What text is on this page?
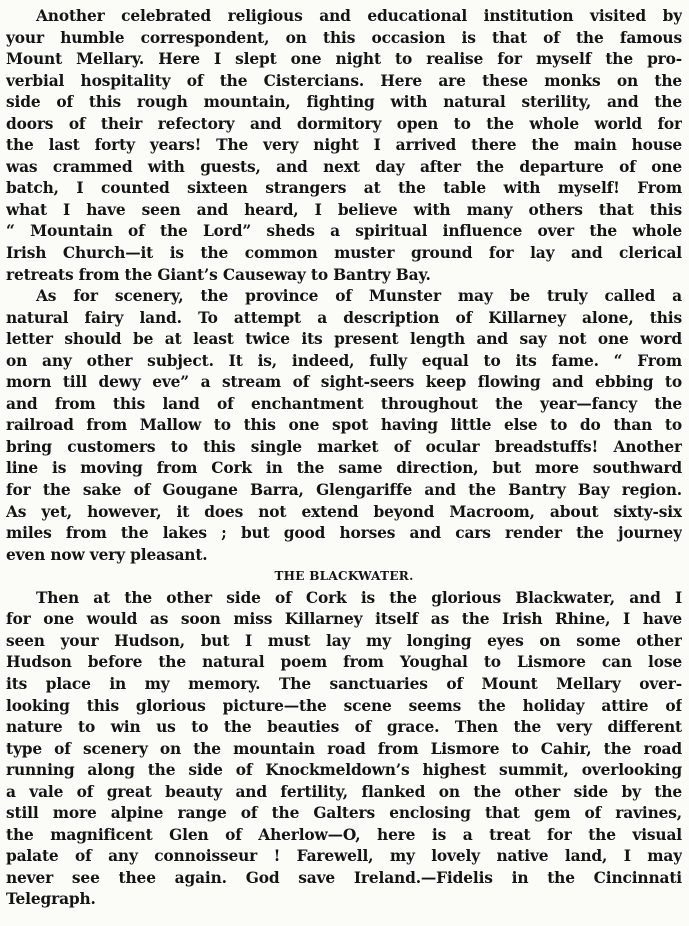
Another celebrated religious and educational institution visited by
your humble correspondent, on this occasion is that of the famous
Mount Mellary. Here I slept one night to realise for myself the pro-
verbial hospitality of the Cistercians. Here are these monks on the
side of this rough mountain, fighting with natural sterility, and the
doors of their refectory and dormitory open to the whole world for
the last forty years! The very night I arrived there the main house
was crammed with guests, and next day after the departure of one
batch, I counted sixteen strangers at the table with myself! From
what I have seen and heard, I believe with many others that this
“ Mountain of the Lord” sheds a spiritual influence over the whole
Irish Church—it is the common muster ground for lay and clerical
retreats from the Giant’s Causeway to Bantry Bay.
As for scenery, the province of Munster may be truly called a
natural fairy land. To attempt a description of Killarney alone, this
letter should be at least twice its present length and say not one word
on any other subject. It is, indeed, fully equal to its fame. “ From
morn till dewy eve” a stream of sight-seers keep flowing and ebbing to
and from this land of enchantment throughout the year—fancy the
railroad from Mallow to this one spot having little else to do than to
bring customers to this single market of ocular breadstuffs! Another
line is moving from Cork in the same direction, but more southward
for the sake of Gougane Barra, Glengariffe and the Bantry Bay region.
As yet, however, it does not extend beyond Macroom, about sixty-six
miles from the lakes ; but good horses and cars render the journey
even now very pleasant.
THE BLACKWATER.
Then at the other side of Cork is the glorious Blackwater, and I
for one would as soon miss Killarney itself as the Irish Rhine, I have
seen your Hudson, but I must lay my longing eyes on some other
Hudson before the natural poem from Youghal to Lismore can lose
its place in my memory. The sanctuaries of Mount Mellary over-
looking this glorious picture—the scene seems the holiday attire of
nature to win us to the beauties of grace. Then the very different
type of scenery on the mountain road from Lismore to Cahir, the road
running along the side of Knockmeldown’s highest summit, overlooking
a vale of great beauty and fertility, flanked on the other side by the
still more alpine range of the Galters enclosing that gem of ravines,
the magnificent Glen of Aherlow—O, here is a treat for the visual
palate of any connoisseur ! Farewell, my lovely native land, I may
never see thee again. God save Ireland.—Fidelis in the Cincinnati
Telegraph.
